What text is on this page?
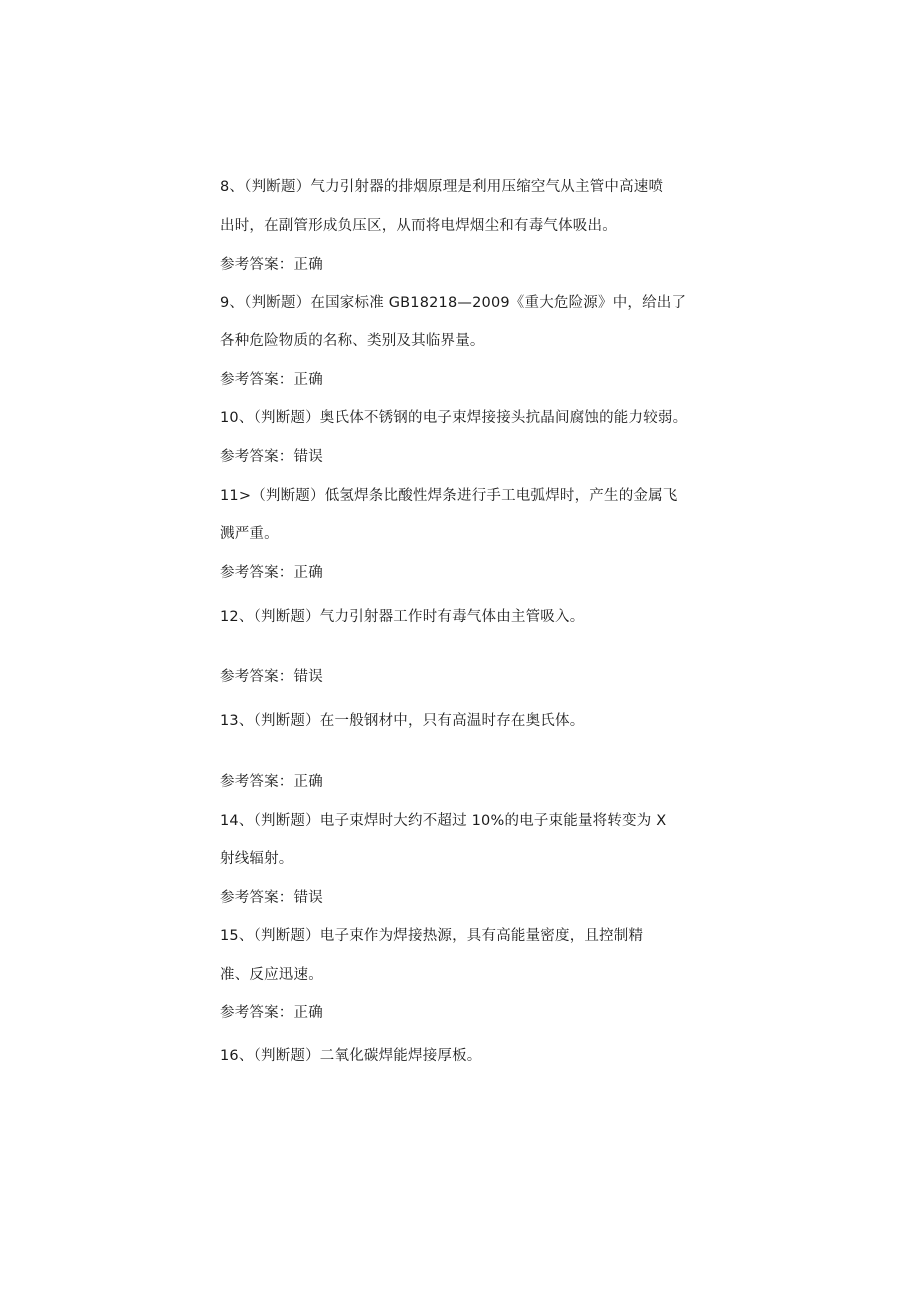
8、（判断题）气力引射器的排烟原理是利用压缩空气从主管中高速喷
出时，在副管形成负压区，从而将电焊烟尘和有毒气体吸出。
参考答案：正确
9、（判断题）在国家标准 GB18218—2009《重大危险源》中，给出了
各种危险物质的名称、类别及其临界量。
参考答案：正确
10、（判断题）奥氏体不锈钢的电子束焊接接头抗晶间腐蚀的能力较弱。
参考答案：错误
11>（判断题）低氢焊条比酸性焊条进行手工电弧焊时，产生的金属飞
溅严重。
参考答案：正确
12、（判断题）气力引射器工作时有毒气体由主管吸入。
参考答案：错误
13、（判断题）在一般钢材中，只有高温时存在奥氏体。
参考答案：正确
14、（判断题）电子束焊时大约不超过 10%的电子束能量将转变为 X
射线辐射。
参考答案：错误
15、（判断题）电子束作为焊接热源，具有高能量密度，且控制精
准、反应迅速。
参考答案：正确
16、（判断题）二氧化碳焊能焊接厚板。
